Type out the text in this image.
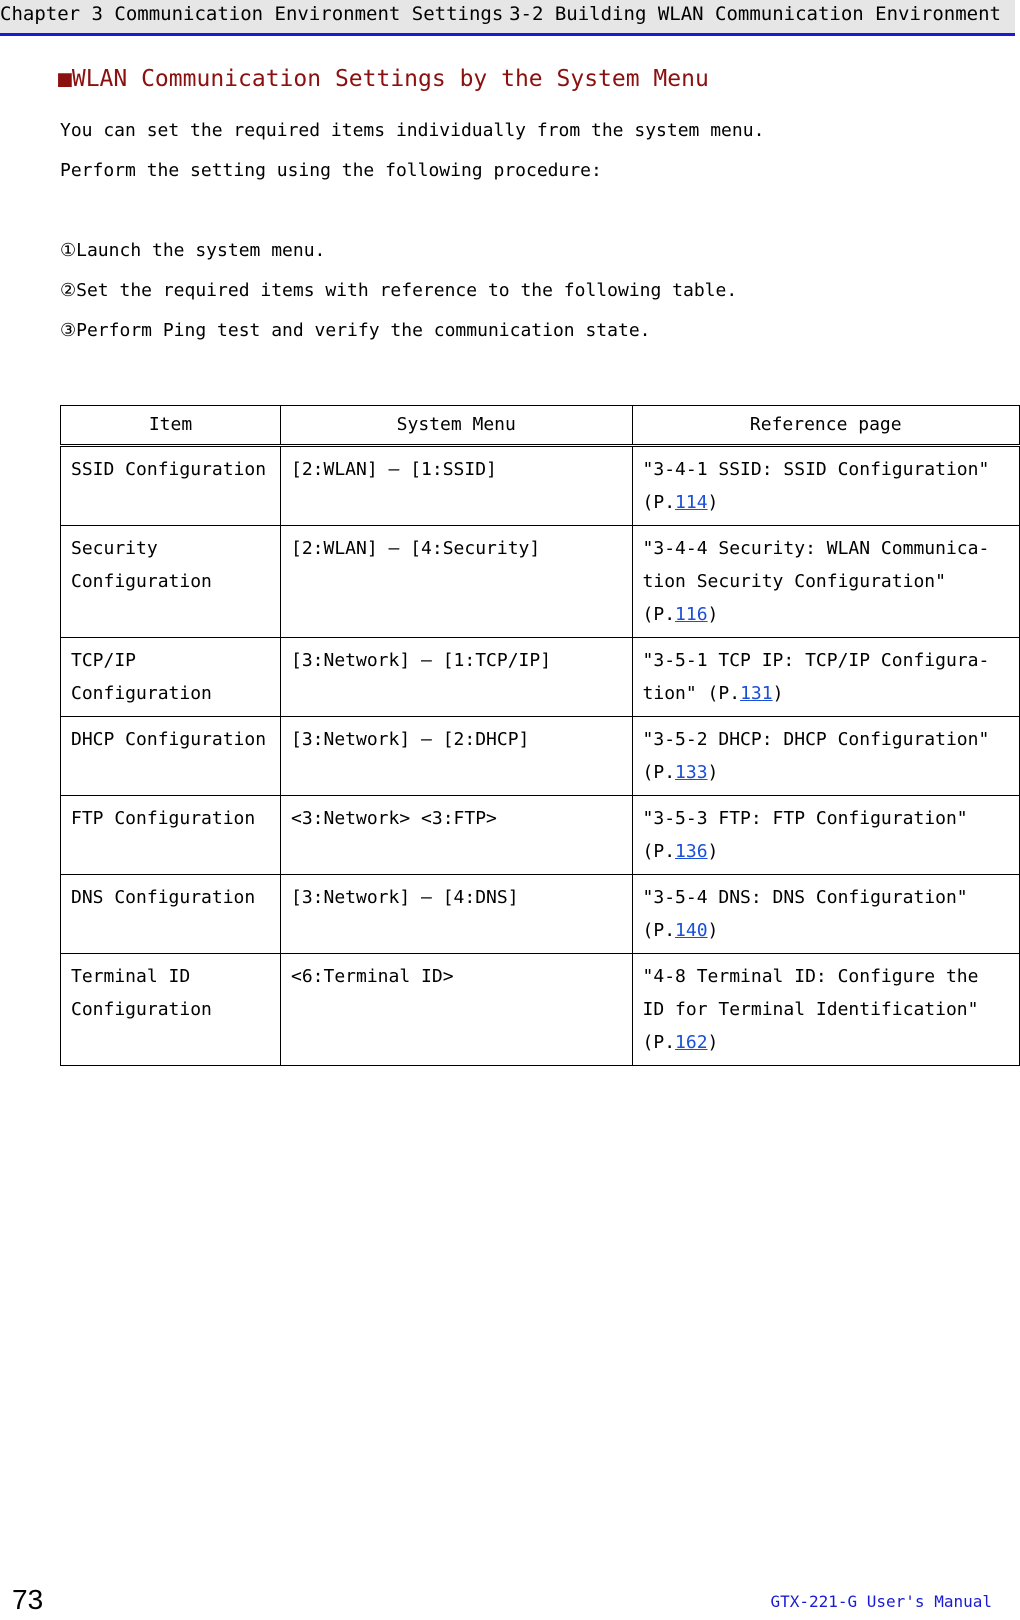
Chapter 3 Communication Environment Settings 3-2 Building WLAN Communication Environment
■WLAN Communication Settings by the System Menu
You can set the required items individually from the system menu.
Perform the setting using the following procedure:
①Launch the system menu.
②Set the required items with reference to the following table.
③Perform Ping test and verify the communication state.
Item	System Menu	Reference page
SSID Configuration	[2:WLAN] ― [1:SSID]	"3-4-1 SSID: SSID Configuration" (P.114)
Security Configuration	[2:WLAN] ― [4:Security]	"3-4-4 Security: WLAN Communica-tion Security Configuration" (P.116)
TCP/IP Configuration	[3:Network] ― [1:TCP/IP]	"3-5-1 TCP IP: TCP/IP Configura-tion" (P.131)
DHCP Configuration	[3:Network] ― [2:DHCP]	"3-5-2 DHCP: DHCP Configuration" (P.133)
FTP Configuration	<3:Network> <3:FTP>	"3-5-3 FTP: FTP Configuration" (P.136)
DNS Configuration	[3:Network] ― [4:DNS]	"3-5-4 DNS: DNS Configuration" (P.140)
Terminal ID Configuration	<6:Terminal ID>	"4-8 Terminal ID: Configure the ID for Terminal Identification" (P.162)
73	GTX-221-G User's Manual
